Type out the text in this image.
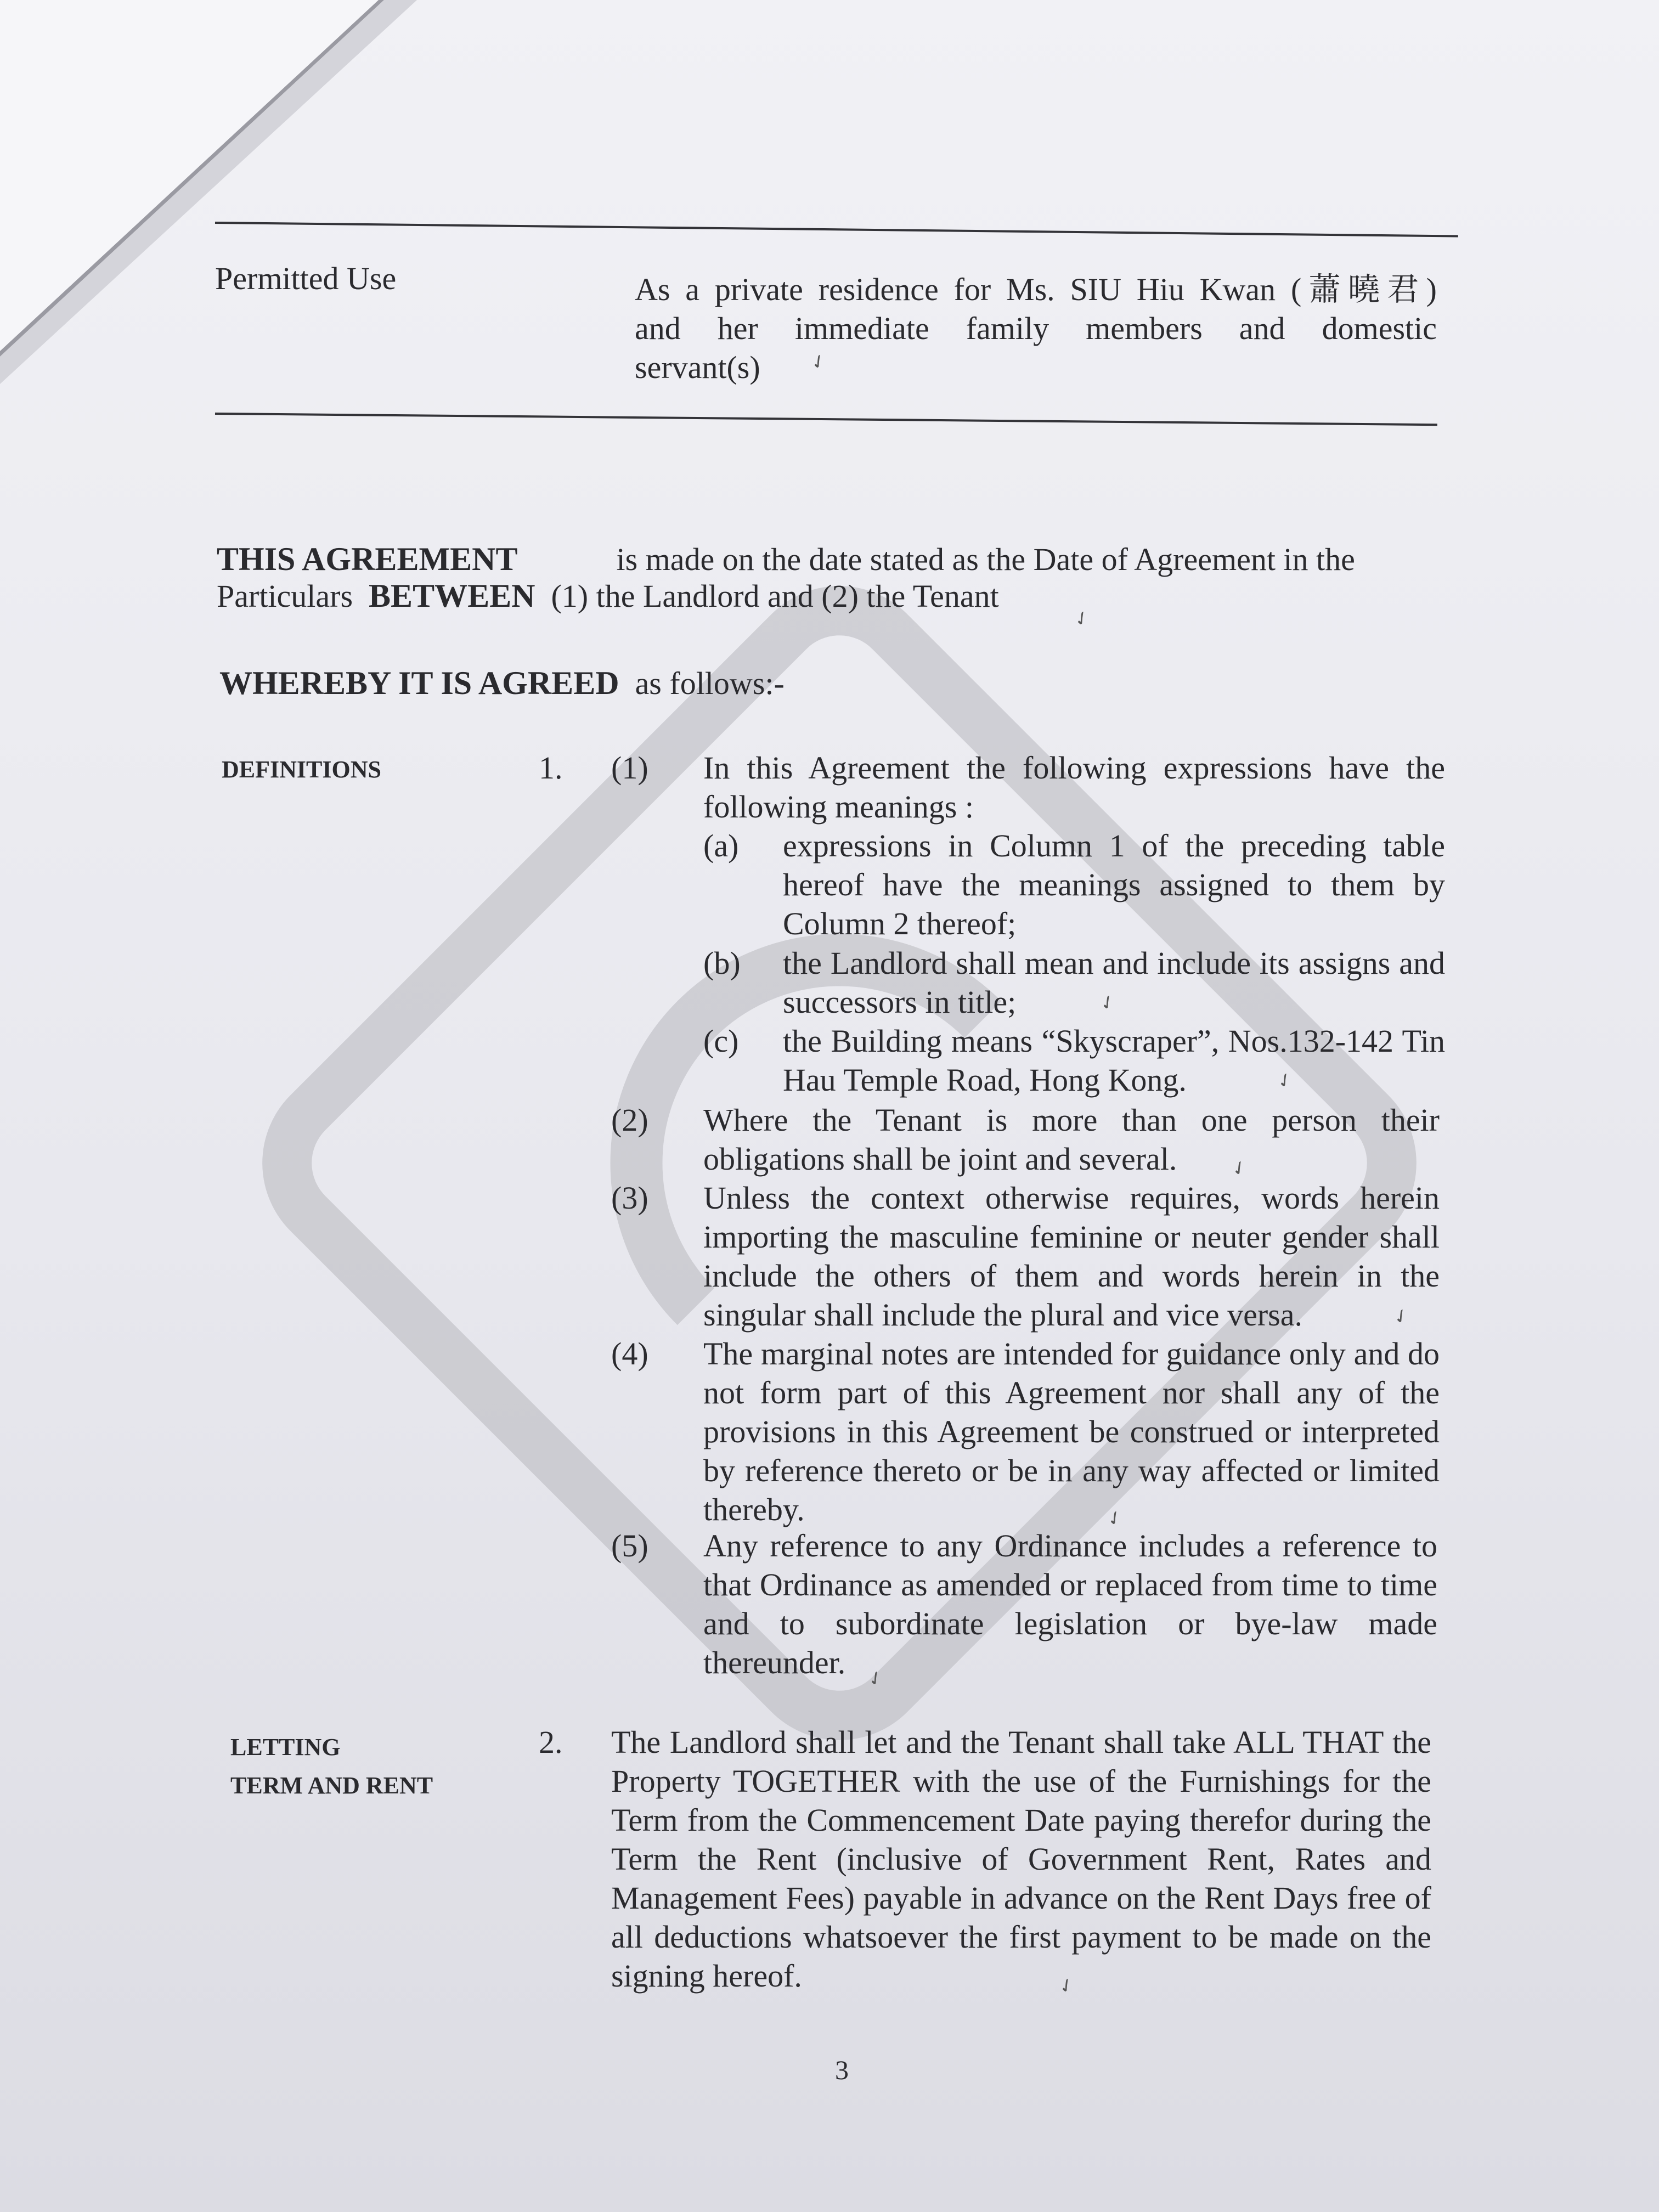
Permitted Use	As a private residence for Ms. SIU Hiu Kwan (蕭曉君)
and her immediate family members and domestic
servant(s)	✓
THIS AGREEMENT	is made on the date stated as the Date of Agreement in the
Particulars BETWEEN (1) the Landlord and (2) the Tenant
✓
WHEREBY IT IS AGREED as follows:-
DEFINITIONS	1. (1) In this Agreement the following expressions have the following meanings :
(a) expressions in Column 1 of the preceding table hereof have the meanings assigned to them by Column 2 thereof;
(b) the Landlord shall mean and include its assigns and successors in title;	✓
(c) the Building means “Skyscraper”, Nos.132-142 Tin Hau Temple Road, Hong Kong.	✓
(2) Where the Tenant is more than one person their obligations shall be joint and several.	✓
(3) Unless the context otherwise requires, words herein importing the masculine feminine or neuter gender shall include the others of them and words herein in the singular shall include the plural and vice versa.	✓
(4) The marginal notes are intended for guidance only and do not form part of this Agreement nor shall any of the provisions in this Agreement be construed or interpreted by reference thereto or be in any way affected or limited thereby.	✓
(5) Any reference to any Ordinance includes a reference to that Ordinance as amended or replaced from time to time and to subordinate legislation or bye-law made thereunder. ✓
LETTING
TERM AND RENT
2. The Landlord shall let and the Tenant shall take ALL THAT the Property TOGETHER with the use of the Furnishings for the Term from the Commencement Date paying therefor during the Term the Rent (inclusive of Government Rent, Rates and Management Fees) payable in advance on the Rent Days free of all deductions whatsoever the first payment to be made on the signing hereof.	✓
3
